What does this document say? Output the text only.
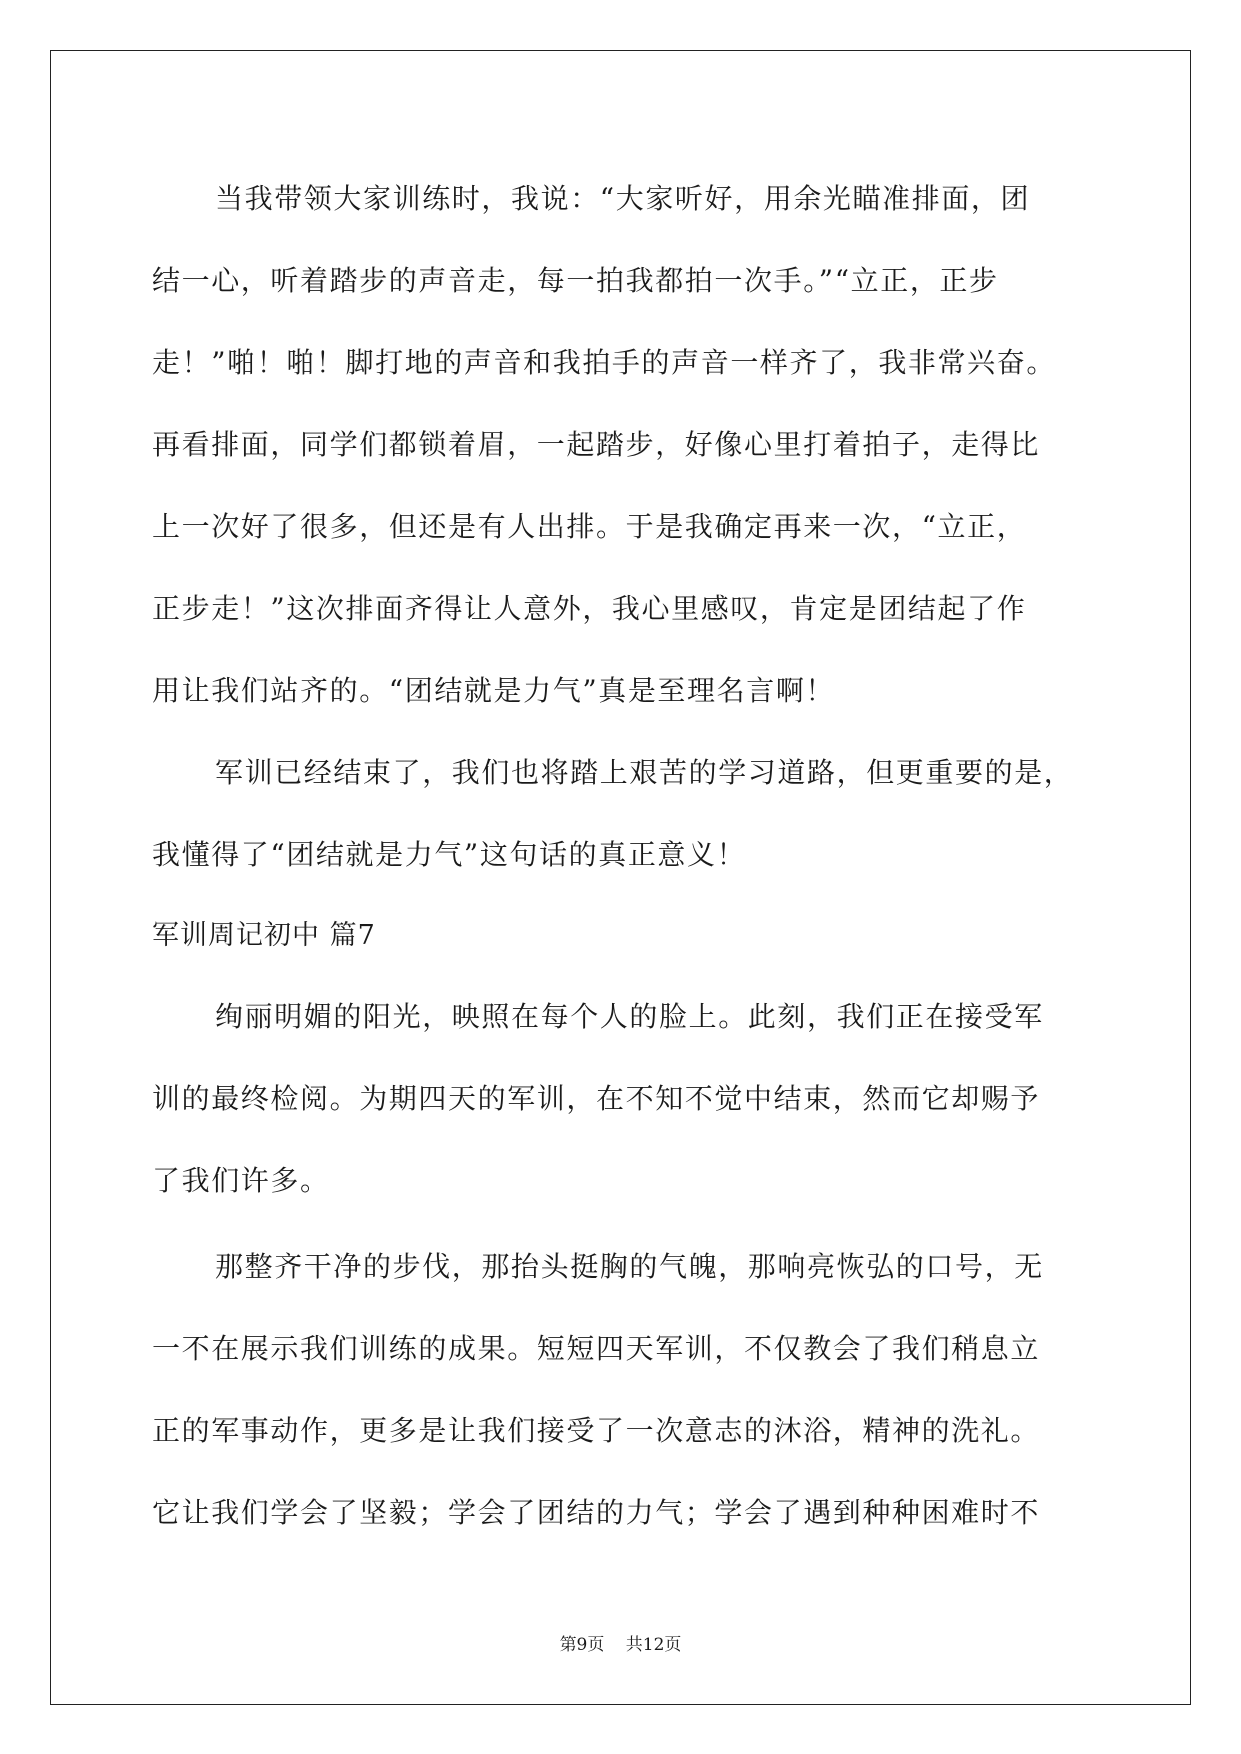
当我带领大家训练时，我说：“大家听好，用余光瞄准排面，团
结一心，听着踏步的声音走，每一拍我都拍一次手。”“立正，正步
走！”啪！啪！脚打地的声音和我拍手的声音一样齐了，我非常兴奋。
再看排面，同学们都锁着眉，一起踏步，好像心里打着拍子，走得比
上一次好了很多，但还是有人出排。于是我确定再来一次，“立正，
正步走！”这次排面齐得让人意外，我心里感叹，肯定是团结起了作
用让我们站齐的。“团结就是力气”真是至理名言啊！
军训已经结束了，我们也将踏上艰苦的学习道路，但更重要的是，
我懂得了“团结就是力气”这句话的真正意义！
军训周记初中 篇7
绚丽明媚的阳光，映照在每个人的脸上。此刻，我们正在接受军
训的最终检阅。为期四天的军训，在不知不觉中结束，然而它却赐予
了我们许多。
那整齐干净的步伐，那抬头挺胸的气魄，那响亮恢弘的口号，无
一不在展示我们训练的成果。短短四天军训，不仅教会了我们稍息立
正的军事动作，更多是让我们接受了一次意志的沐浴，精神的洗礼。
它让我们学会了坚毅；学会了团结的力气；学会了遇到种种困难时不
第9页 共12页
